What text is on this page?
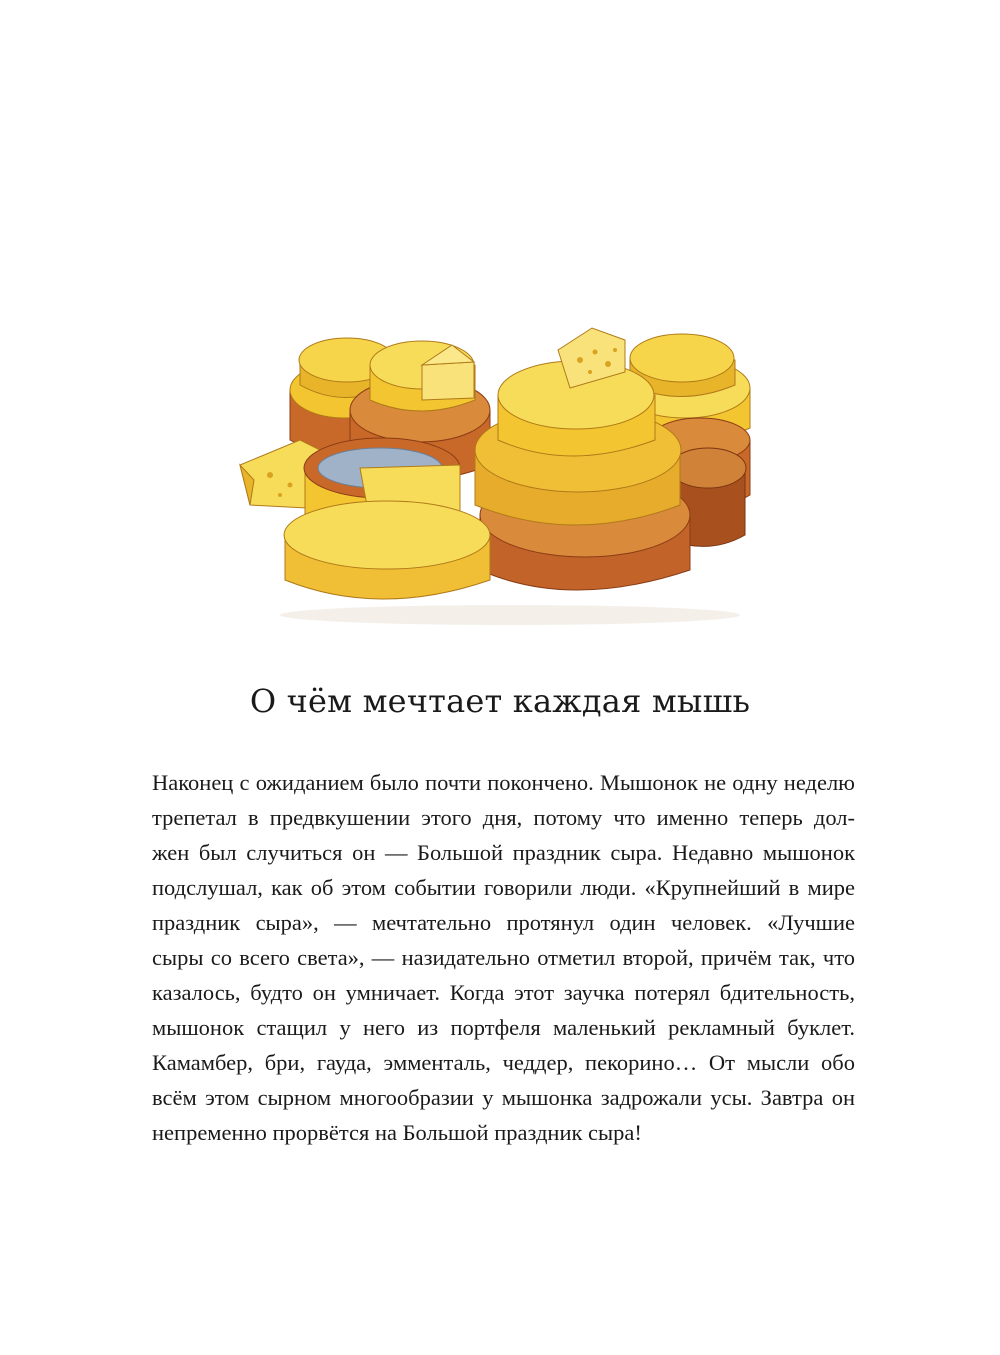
О чём мечтает каждая мышь
Наконец с ожиданием было почти покончено. Мышонок не одну неделю
трепетал в предвкушении этого дня, потому что именно теперь дол-
жен был случиться он — Большой праздник сыра. Недавно мышонок
подслушал, как об этом событии говорили люди. «Крупнейший в мире
праздник сыра», — мечтательно протянул один человек. «Лучшие
сыры со всего света», — назидательно отметил второй, причём так, что
казалось, будто он умничает. Когда этот заучка потерял бдительность,
мышонок стащил у него из портфеля маленький рекламный буклет.
Камамбер, бри, гауда, эмменталь, чеддер, пекорино… От мысли обо
всём этом сырном многообразии у мышонка задрожали усы. Завтра он
непременно прорвётся на Большой праздник сыра!
